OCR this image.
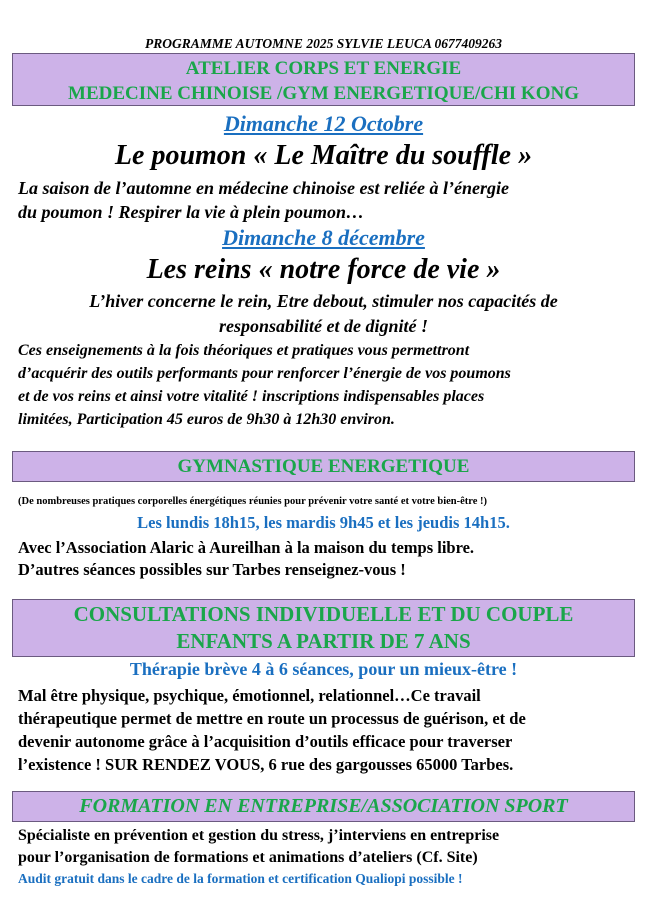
PROGRAMME AUTOMNE 2025 SYLVIE LEUCA 0677409263
ATELIER CORPS ET ENERGIE
MEDECINE CHINOISE /GYM ENERGETIQUE/CHI KONG
Dimanche 12 Octobre
Le poumon « Le Maître du souffle »
La saison de l’automne en médecine chinoise est reliée à l’énergie
du poumon ! Respirer la vie à plein poumon…
Dimanche 8 décembre
Les reins « notre force de vie »
L’hiver concerne le rein, Etre debout, stimuler nos capacités de
responsabilité et de dignité !
Ces enseignements à la fois théoriques et pratiques vous permettront
d’acquérir des outils performants pour renforcer l’énergie de vos poumons
et de vos reins et ainsi votre vitalité ! inscriptions indispensables places
limitées, Participation 45 euros de 9h30 à 12h30 environ.
GYMNASTIQUE ENERGETIQUE
(De nombreuses pratiques corporelles énergétiques réunies pour prévenir votre santé et votre bien-être !)
Les lundis 18h15, les mardis 9h45 et les jeudis 14h15.
Avec l’Association Alaric à Aureilhan à la maison du temps libre.
D’autres séances possibles sur Tarbes renseignez-vous !
CONSULTATIONS INDIVIDUELLE ET DU COUPLE
ENFANTS A PARTIR DE 7 ANS
Thérapie brève 4 à 6 séances, pour un mieux-être !
Mal être physique, psychique, émotionnel, relationnel…Ce travail
thérapeutique permet de mettre en route un processus de guérison, et de
devenir autonome grâce à l’acquisition d’outils efficace pour traverser
l’existence ! SUR RENDEZ VOUS, 6 rue des gargousses 65000 Tarbes.
FORMATION EN ENTREPRISE/ASSOCIATION SPORT
Spécialiste en prévention et gestion du stress, j’interviens en entreprise
pour l’organisation de formations et animations d’ateliers (Cf. Site)
Audit gratuit dans le cadre de la formation et certification Qualiopi possible !
